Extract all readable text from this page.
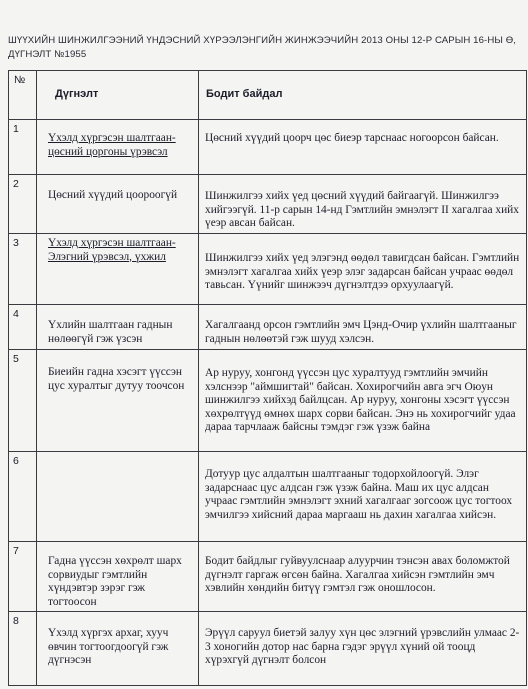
ШҮҮХИЙН ШИНЖИЛГЭЭНИЙ ҮНДЭСНИЙ ХҮРЭЭЛЭНГИЙН ЖИНЖЭЭЧИЙН 2013 ОНЫ 12-Р САРЫН 16-НЫ Ө,
ДҮГНЭЛТ №1955
№	Дүгнэлт	Бодит байдал
1	Үхэлд хүргэсэн шалтгаан-цөсний цоргоны үрэвсэл	Цөсний хүүдий цоорч цөс биеэр тарснаас ногоорсон байсан.
2	Цөсний хүүдий цоороогүй	Шинжилгээ хийх үед цөсний хүүдий байгаагүй. Шинжилгээ хийгээгүй. 11-р сарын 14-нд Гэмтлийн эмнэлэгт II хагалгаа хийх үеэр авсан байсан.
3	Үхэлд хүргэсэн шалтгаан-Элэгний үрэвсэл, үхжил	Шинжилгээ хийх үед элэгэнд өөдөл тавигдсан байсан. Гэмтлийн эмнэлэгт хагалгаа хийх үеэр элэг задарсан байсан учраас өөдөл тавьсан. Үүнийг шинжээч дүгнэлтдээ орхуулаагүй.
4	Үхлийн шалтгаан гаднын нөлөөгүй гэж үзсэн	Хагалгаанд орсон гэмтлийн эмч Цэнд-Очир үхлийн шалтгааныг гаднын нөлөөтэй гэж шууд хэлсэн.
5	Биеийн гадна хэсэгт үүссэн цус хуралтыг дутуу тоочсон	Ар нуруу, хонгонд үүссэн цус хуралтууд гэмтлийн эмчийн хэлснээр "аймшигтай" байсан. Хохирогчийн авга эгч Оюун шинжилгээ хийхэд байлцсан. Ар нуруу, хонгоны хэсэгт үүссэн хөхрөлтүүд өмнөх шарх сорви байсан. Энэ нь хохирогчийг удаа дараа тарчлааж байсны тэмдэг гэж үзэж байна
6		Дотуур цус алдалтын шалтгааныг тодорхойлоогүй. Элэг задарснаас цус алдсан гэж үзэж байна. Маш их цус алдсан учраас гэмтлийн эмнэлэгт эхний хагалгааг зогсоож цус тогтоох эмчилгээ хийсний дараа маргааш нь дахин хагалгаа хийсэн.
7	Гадна үүссэн хөхрөлт шарх сорвиудыг гэмтлийн хүндэвтэр зэрэг гэж тогтоосон	Бодит байдлыг гуйвуулснаар алуурчин тэнсэн авах боломжтой дүгнэлт гаргаж өгсөн байна. Хагалгаа хийсэн гэмтлийн эмч хэвлийн хөндийн битүү гэмтэл гэж оношлосон.
8	Үхэлд хүргэх архаг, хууч өвчин тогтоогдоогүй гэж дүгнэсэн	Эрүүл саруул биетэй залуу хүн цөс элэгний үрэвслийн улмаас 2-3 хоногийн дотор нас барна гэдэг эрүүл хүний ой тооцд хүрэхгүй дүгнэлт болсон
